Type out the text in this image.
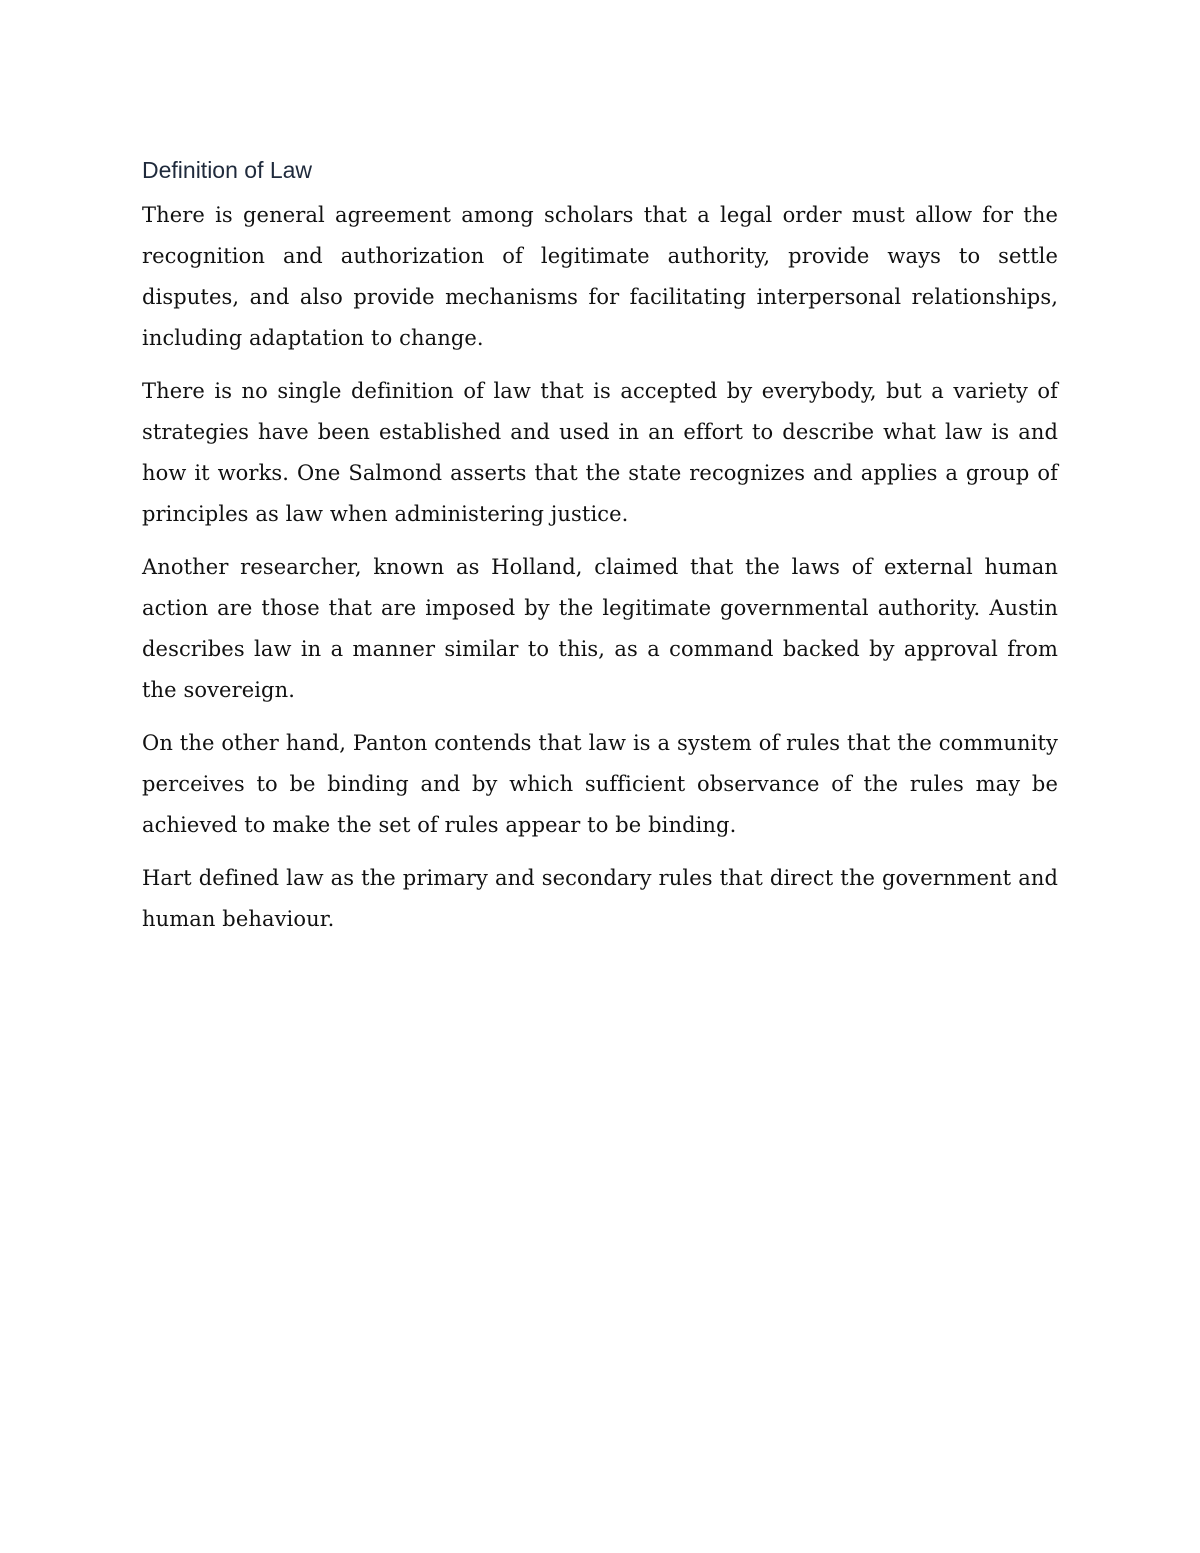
Definition of Law

There is general agreement among scholars that a legal order must allow for the recognition and authorization of legitimate authority, provide ways to settle disputes, and also provide mechanisms for facilitating interpersonal relationships, including adaptation to change.

There is no single definition of law that is accepted by everybody, but a variety of strategies have been established and used in an effort to describe what law is and how it works. One Salmond asserts that the state recognizes and applies a group of principles as law when administering justice.

Another researcher, known as Holland, claimed that the laws of external human action are those that are imposed by the legitimate governmental authority. Austin describes law in a manner similar to this, as a command backed by approval from the sovereign.

On the other hand, Panton contends that law is a system of rules that the community perceives to be binding and by which sufficient observance of the rules may be achieved to make the set of rules appear to be binding.

Hart defined law as the primary and secondary rules that direct the government and human behaviour.
